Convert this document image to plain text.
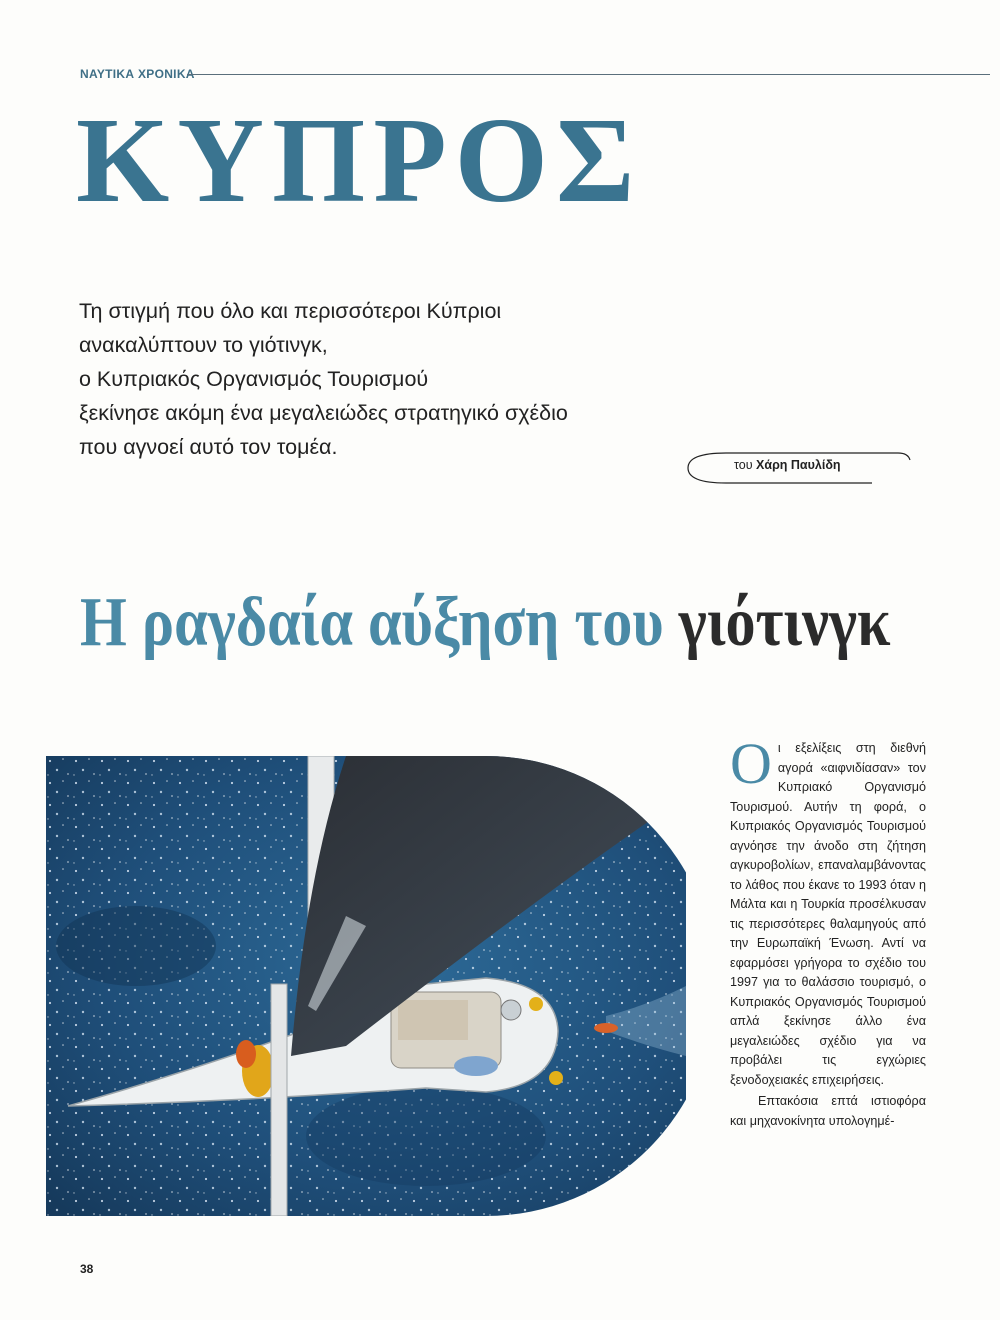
ΝΑΥΤΙΚΑ ΧΡΟΝΙΚΑ
ΚΥΠΡΟΣ
Τη στιγμή που όλο και περισσότεροι Κύπριοι
ανακαλύπτουν το γιότινγκ,
ο Κυπριακός Οργανισμός Τουρισμού
ξεκίνησε ακόμη ένα μεγαλειώδες στρατηγικό σχέδιο
που αγνοεί αυτό τον τομέα.
του Χάρη Παυλίδη
Η ραγδαία αύξηση του γιότινγκ

Οι εξελίξεις στη διεθνή αγορά «αιφνιδίασαν» τον Κυπριακό Οργανισμό Τουρισμού. Αυτήν τη φορά, ο Κυπριακός Οργανισμός Τουρισμού αγνόησε την άνοδο στη ζήτηση αγκυροβολίων, επαναλαμβάνοντας το λάθος που έκανε το 1993 όταν η Μάλτα και η Τουρκία προσέλκυσαν τις περισσότερες θαλαμηγούς από την Ευρωπαϊκή Ένωση. Αντί να εφαρμόσει γρήγορα το σχέδιο του 1997 για το θαλάσσιο τουρισμό, ο Κυπριακός Οργανισμός Τουρισμού απλά ξεκίνησε άλλο ένα μεγαλειώδες σχέδιο για να προβάλει τις εγχώριες ξενοδοχειακές επιχειρήσεις.

Επτακόσια επτά ιστιοφόρα και μηχανοκίνητα υπολογημέ-

38
